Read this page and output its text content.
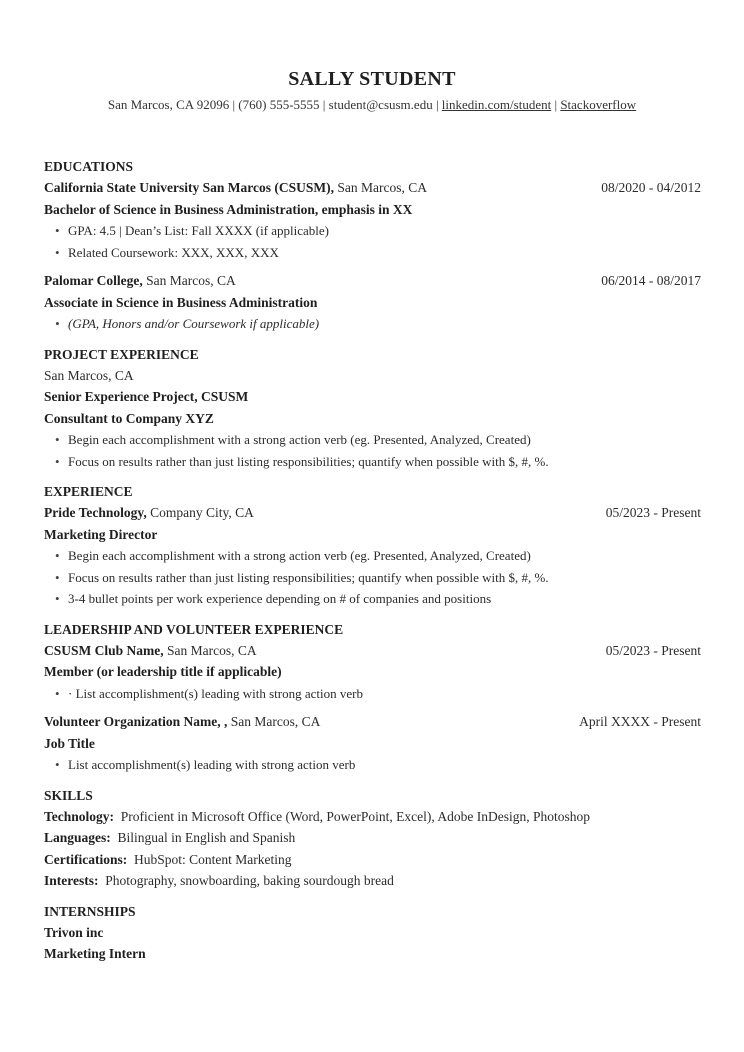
SALLY STUDENT
San Marcos, CA 92096 | (760) 555-5555 | student@csusm.edu | linkedin.com/student | Stackoverflow
EDUCATIONS
California State University San Marcos (CSUSM), San Marcos, CA	08/2020 - 04/2012
Bachelor of Science in Business Administration, emphasis in XX
• GPA: 4.5 | Dean’s List: Fall XXXX (if applicable)
• Related Coursework: XXX, XXX, XXX
Palomar College, San Marcos, CA	06/2014 - 08/2017
Associate in Science in Business Administration
• (GPA, Honors and/or Coursework if applicable)
PROJECT EXPERIENCE
San Marcos, CA
Senior Experience Project, CSUSM
Consultant to Company XYZ
• Begin each accomplishment with a strong action verb (eg. Presented, Analyzed, Created)
• Focus on results rather than just listing responsibilities; quantify when possible with $, #, %.
EXPERIENCE
Pride Technology, Company City, CA	05/2023 - Present
Marketing Director
• Begin each accomplishment with a strong action verb (eg. Presented, Analyzed, Created)
• Focus on results rather than just listing responsibilities; quantify when possible with $, #, %.
• 3-4 bullet points per work experience depending on # of companies and positions
LEADERSHIP AND VOLUNTEER EXPERIENCE
CSUSM Club Name, San Marcos, CA	05/2023 - Present
Member (or leadership title if applicable)
• · List accomplishment(s) leading with strong action verb
Volunteer Organization Name, , San Marcos, CA	April XXXX - Present
Job Title
• List accomplishment(s) leading with strong action verb
SKILLS
Technology: Proficient in Microsoft Office (Word, PowerPoint, Excel), Adobe InDesign, Photoshop
Languages: Bilingual in English and Spanish
Certifications: HubSpot: Content Marketing
Interests: Photography, snowboarding, baking sourdough bread
INTERNSHIPS
Trivon inc
Marketing Intern
